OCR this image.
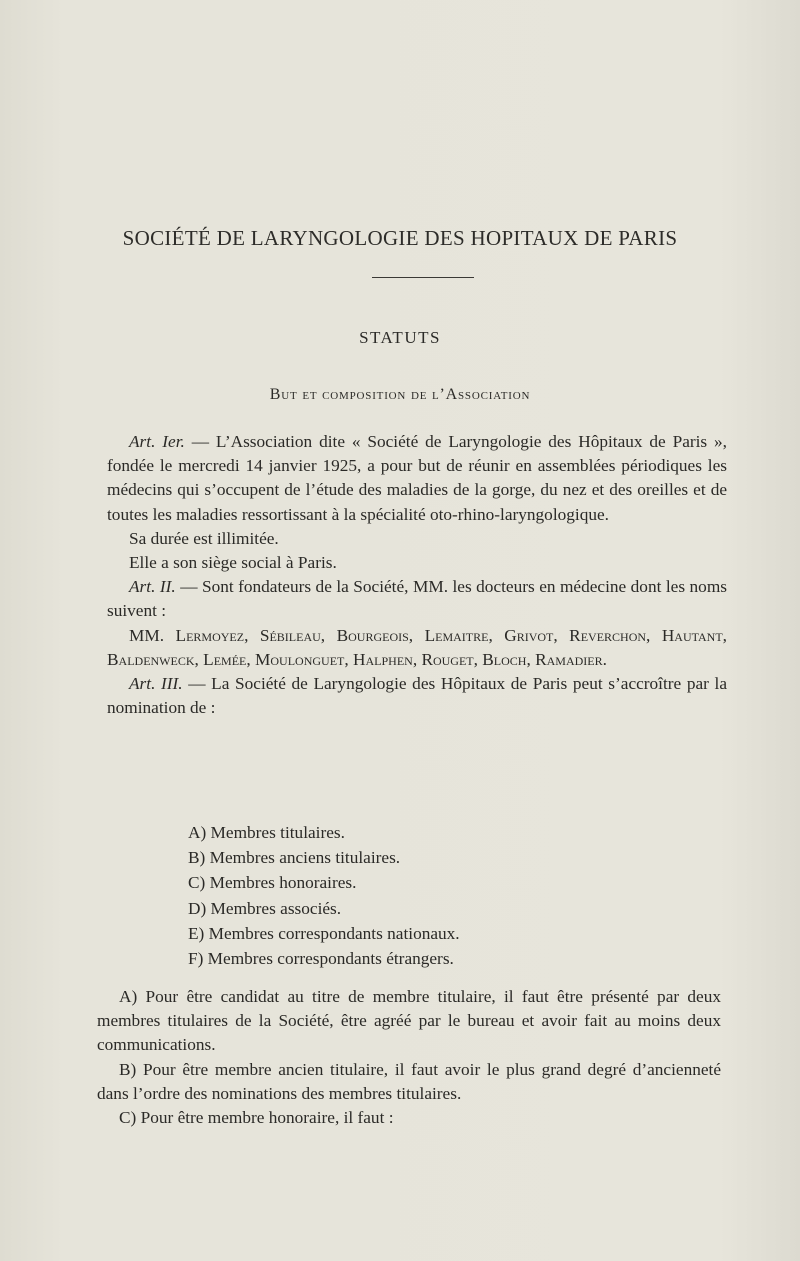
SOCIÉTÉ DE LARYNGOLOGIE DES HOPITAUX DE PARIS
STATUTS
But et composition de l’Association

Art. Ier. — L’Association dite « Société de Laryngologie des Hôpitaux de Paris », fondée le mercredi 14 janvier 1925, a pour but de réunir en assemblées périodiques les médecins qui s’occupent de l’étude des maladies de la gorge, du nez et des oreilles et de toutes les maladies ressortissant à la spécialité oto-rhino-laryngologique.

Sa durée est illimitée.

Elle a son siège social à Paris.

Art. II. — Sont fondateurs de la Société, MM. les docteurs en médecine dont les noms suivent :

MM. Lermoyez, Sébileau, Bourgeois, Lemaitre, Grivot, Reverchon, Hautant, Baldenweck, Lemée, Moulonguet, Halphen, Rouget, Bloch, Ramadier.

Art. III. — La Société de Laryngologie des Hôpitaux de Paris peut s’accroître par la nomination de :

A) Membres titulaires.
B) Membres anciens titulaires.
C) Membres honoraires.
D) Membres associés.
E) Membres correspondants nationaux.
F) Membres correspondants étrangers.

A) Pour être candidat au titre de membre titulaire, il faut être présenté par deux membres titulaires de la Société, être agréé par le bureau et avoir fait au moins deux communications.

B) Pour être membre ancien titulaire, il faut avoir le plus grand degré d’ancienneté dans l’ordre des nominations des membres titulaires.

C) Pour être membre honoraire, il faut :
